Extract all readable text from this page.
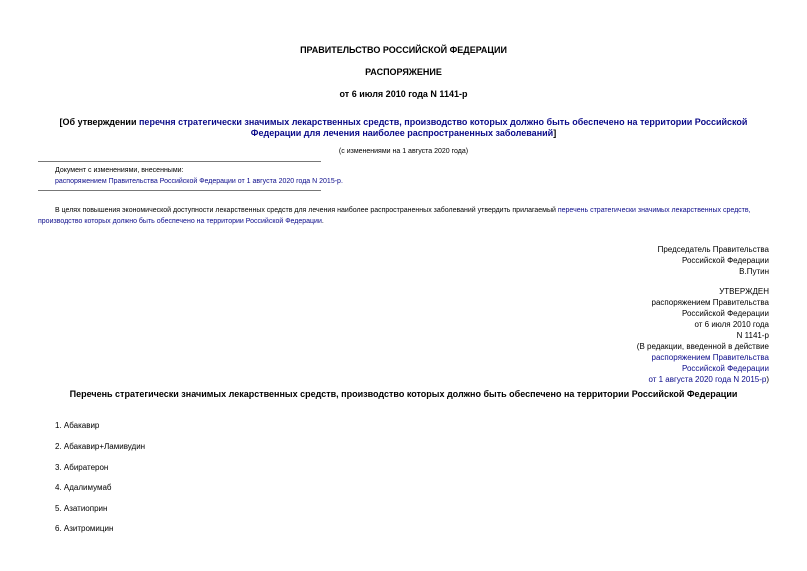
ПРАВИТЕЛЬСТВО РОССИЙСКОЙ ФЕДЕРАЦИИ
РАСПОРЯЖЕНИЕ
от 6 июля 2010 года N 1141-р
[Об утверждении перечня стратегически значимых лекарственных средств, производство которых должно быть обеспечено на территории Российской
Федерации для лечения наиболее распространенных заболеваний]
(с изменениями на 1 августа 2020 года)
Документ с изменениями, внесенными:
распоряжением Правительства Российской Федерации от 1 августа 2020 года N 2015-р.
В целях повышения экономической доступности лекарственных средств для лечения наиболее распространенных заболеваний утвердить прилагаемый перечень стратегически значимых лекарственных средств, производство которых должно быть обеспечено на территории Российской Федерации.
Председатель Правительства
Российской Федерации
В.Путин
УТВЕРЖДЕН
распоряжением Правительства
Российской Федерации
от 6 июля 2010 года
N 1141-р
(В редакции, введенной в действие
распоряжением Правительства
Российской Федерации
от 1 августа 2020 года N 2015-р)
Перечень стратегически значимых лекарственных средств, производство которых должно быть обеспечено на территории Российской Федерации
1. Абакавир
2. Абакавир+Ламивудин
3. Абиратерон
4. Адалимумаб
5. Азатиоприн
6. Азитромицин
